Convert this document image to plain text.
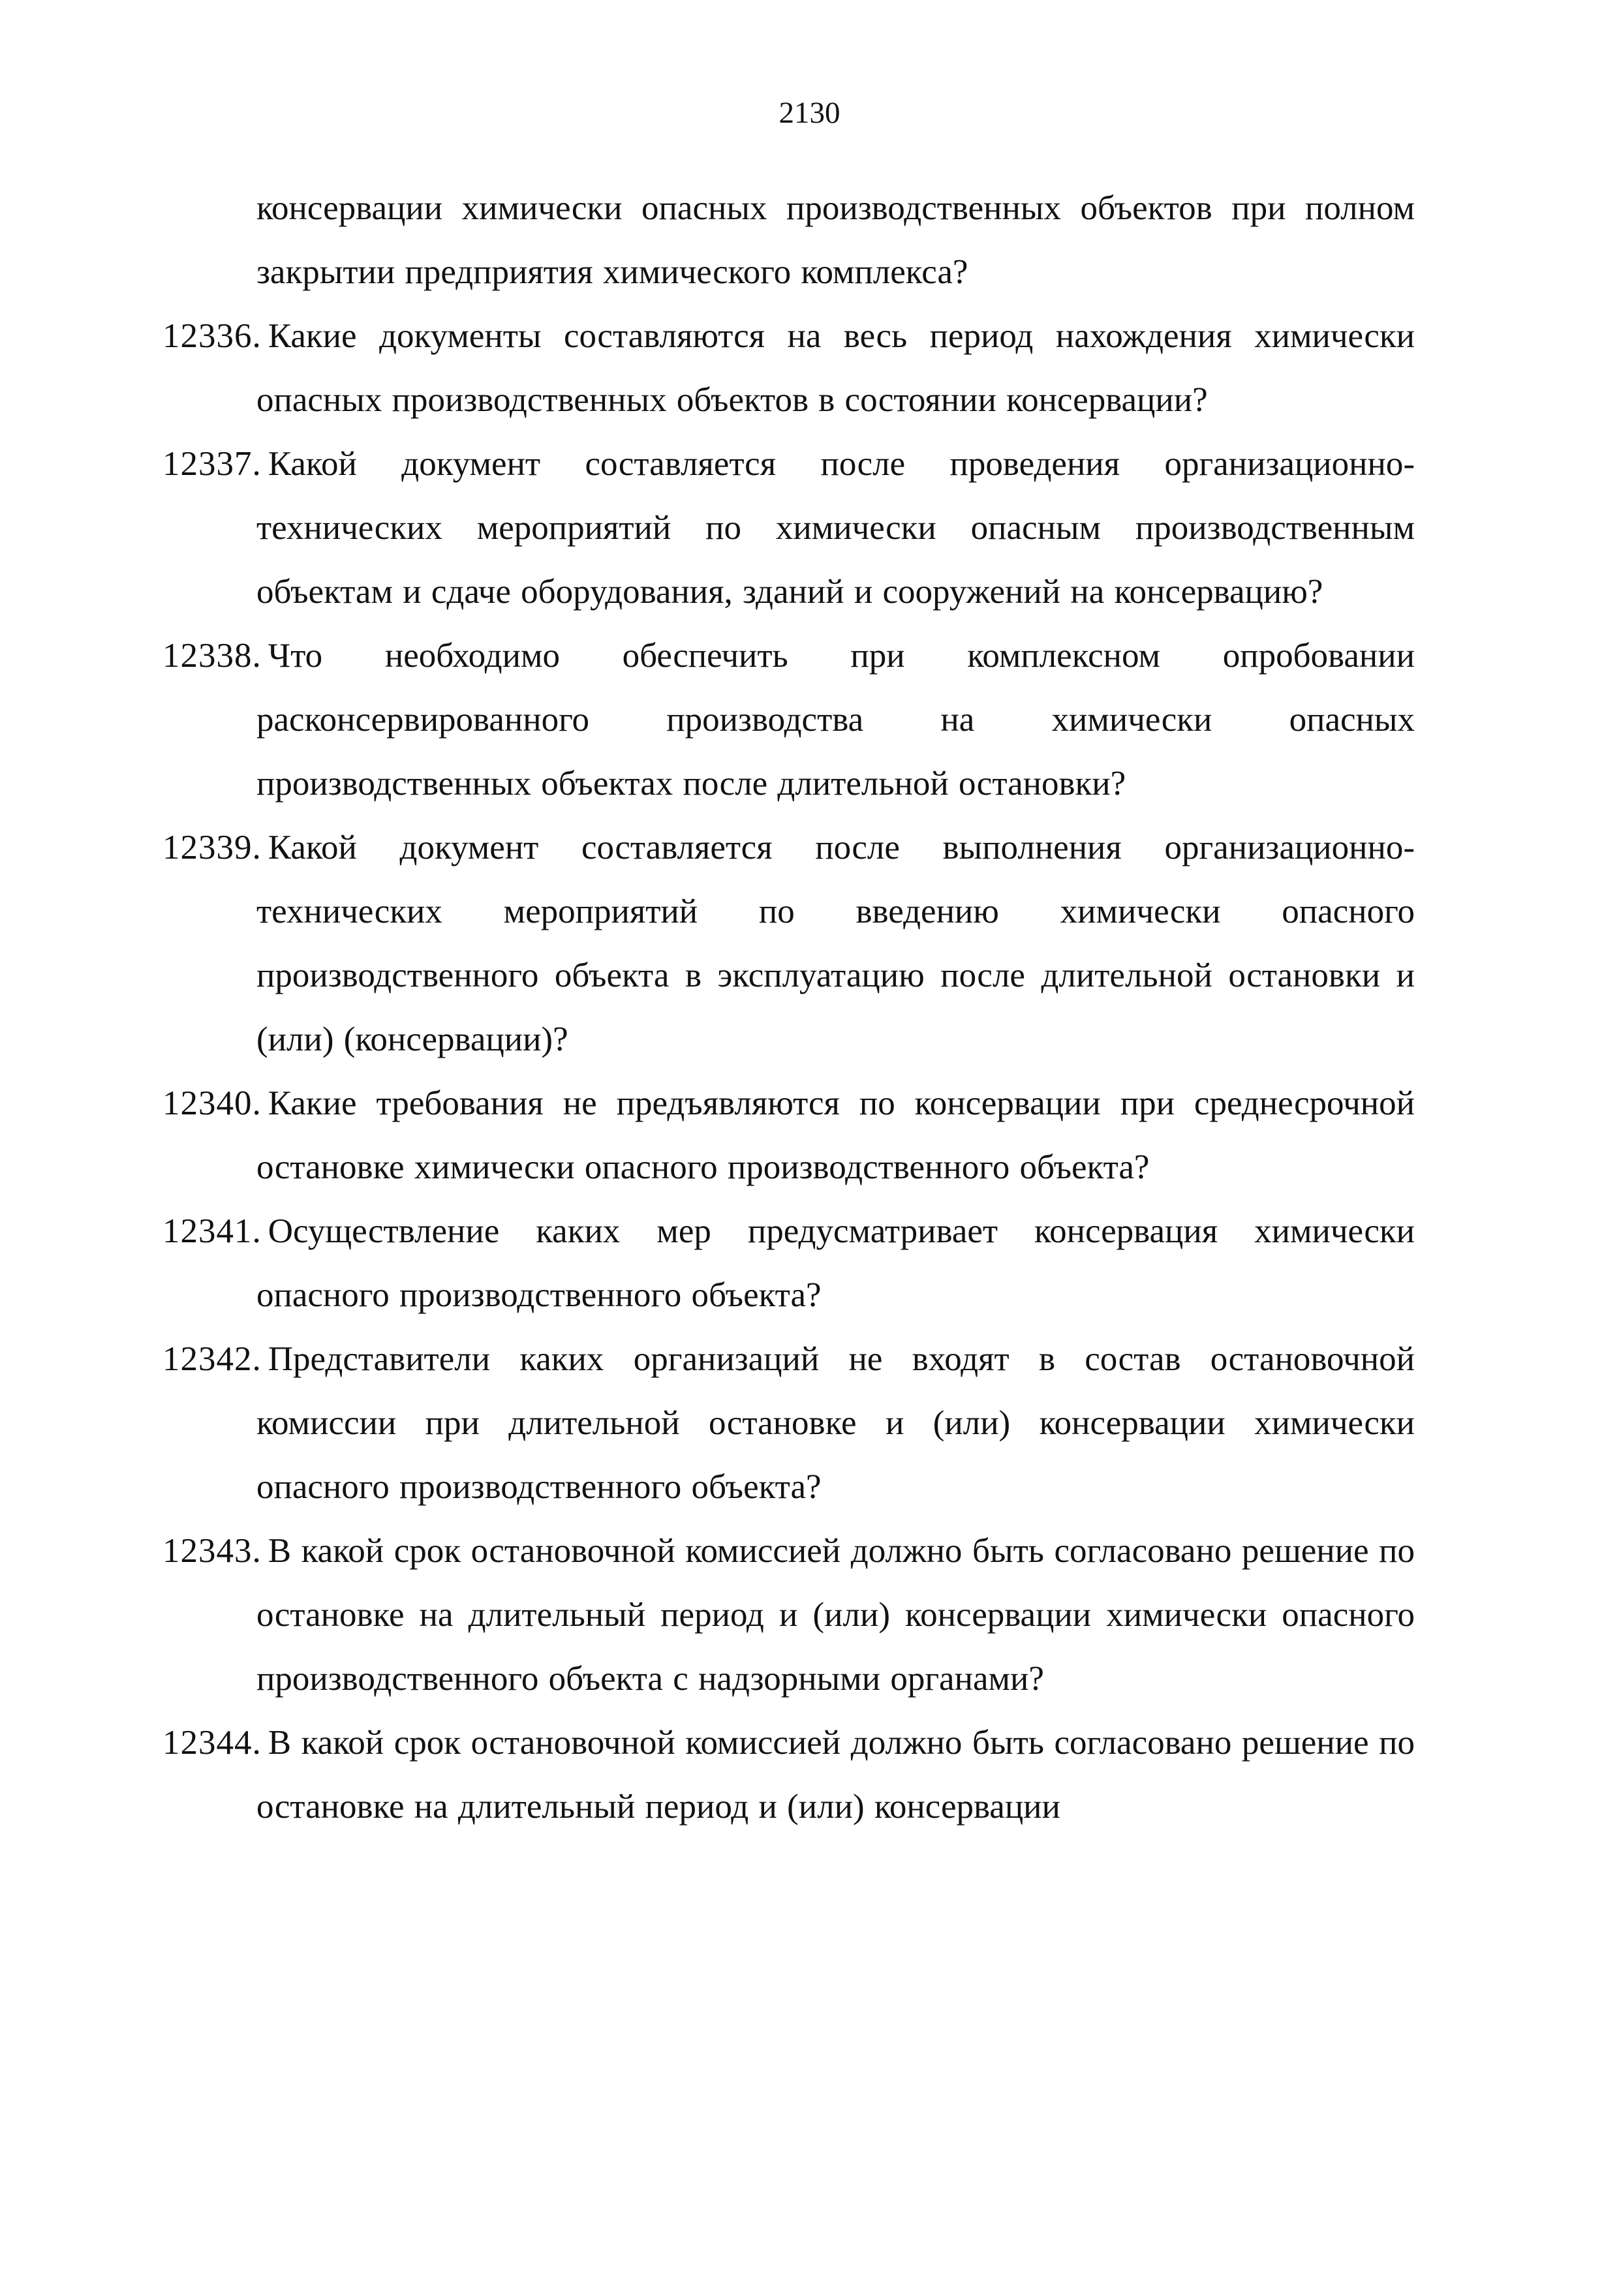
2130
консервации химически опасных производственных объектов при полном закрытии предприятия химического комплекса?
12336. Какие документы составляются на весь период нахождения химически опасных производственных объектов в состоянии консервации?
12337. Какой документ составляется после проведения организационно-технических мероприятий по химически опасным производственным объектам и сдаче оборудования, зданий и сооружений на консервацию?
12338. Что необходимо обеспечить при комплексном опробовании расконсервированного производства на химически опасных производственных объектах после длительной остановки?
12339. Какой документ составляется после выполнения организационно-технических мероприятий по введению химически опасного производственного объекта в эксплуатацию после длительной остановки и (или) (консервации)?
12340. Какие требования не предъявляются по консервации при среднесрочной остановке химически опасного производственного объекта?
12341. Осуществление каких мер предусматривает консервация химически опасного производственного объекта?
12342. Представители каких организаций не входят в состав остановочной комиссии при длительной остановке и (или) консервации химически опасного производственного объекта?
12343. В какой срок остановочной комиссией должно быть согласовано решение по остановке на длительный период и (или) консервации химически опасного производственного объекта с надзорными органами?
12344. В какой срок остановочной комиссией должно быть согласовано решение по остановке на длительный период и (или) консервации
